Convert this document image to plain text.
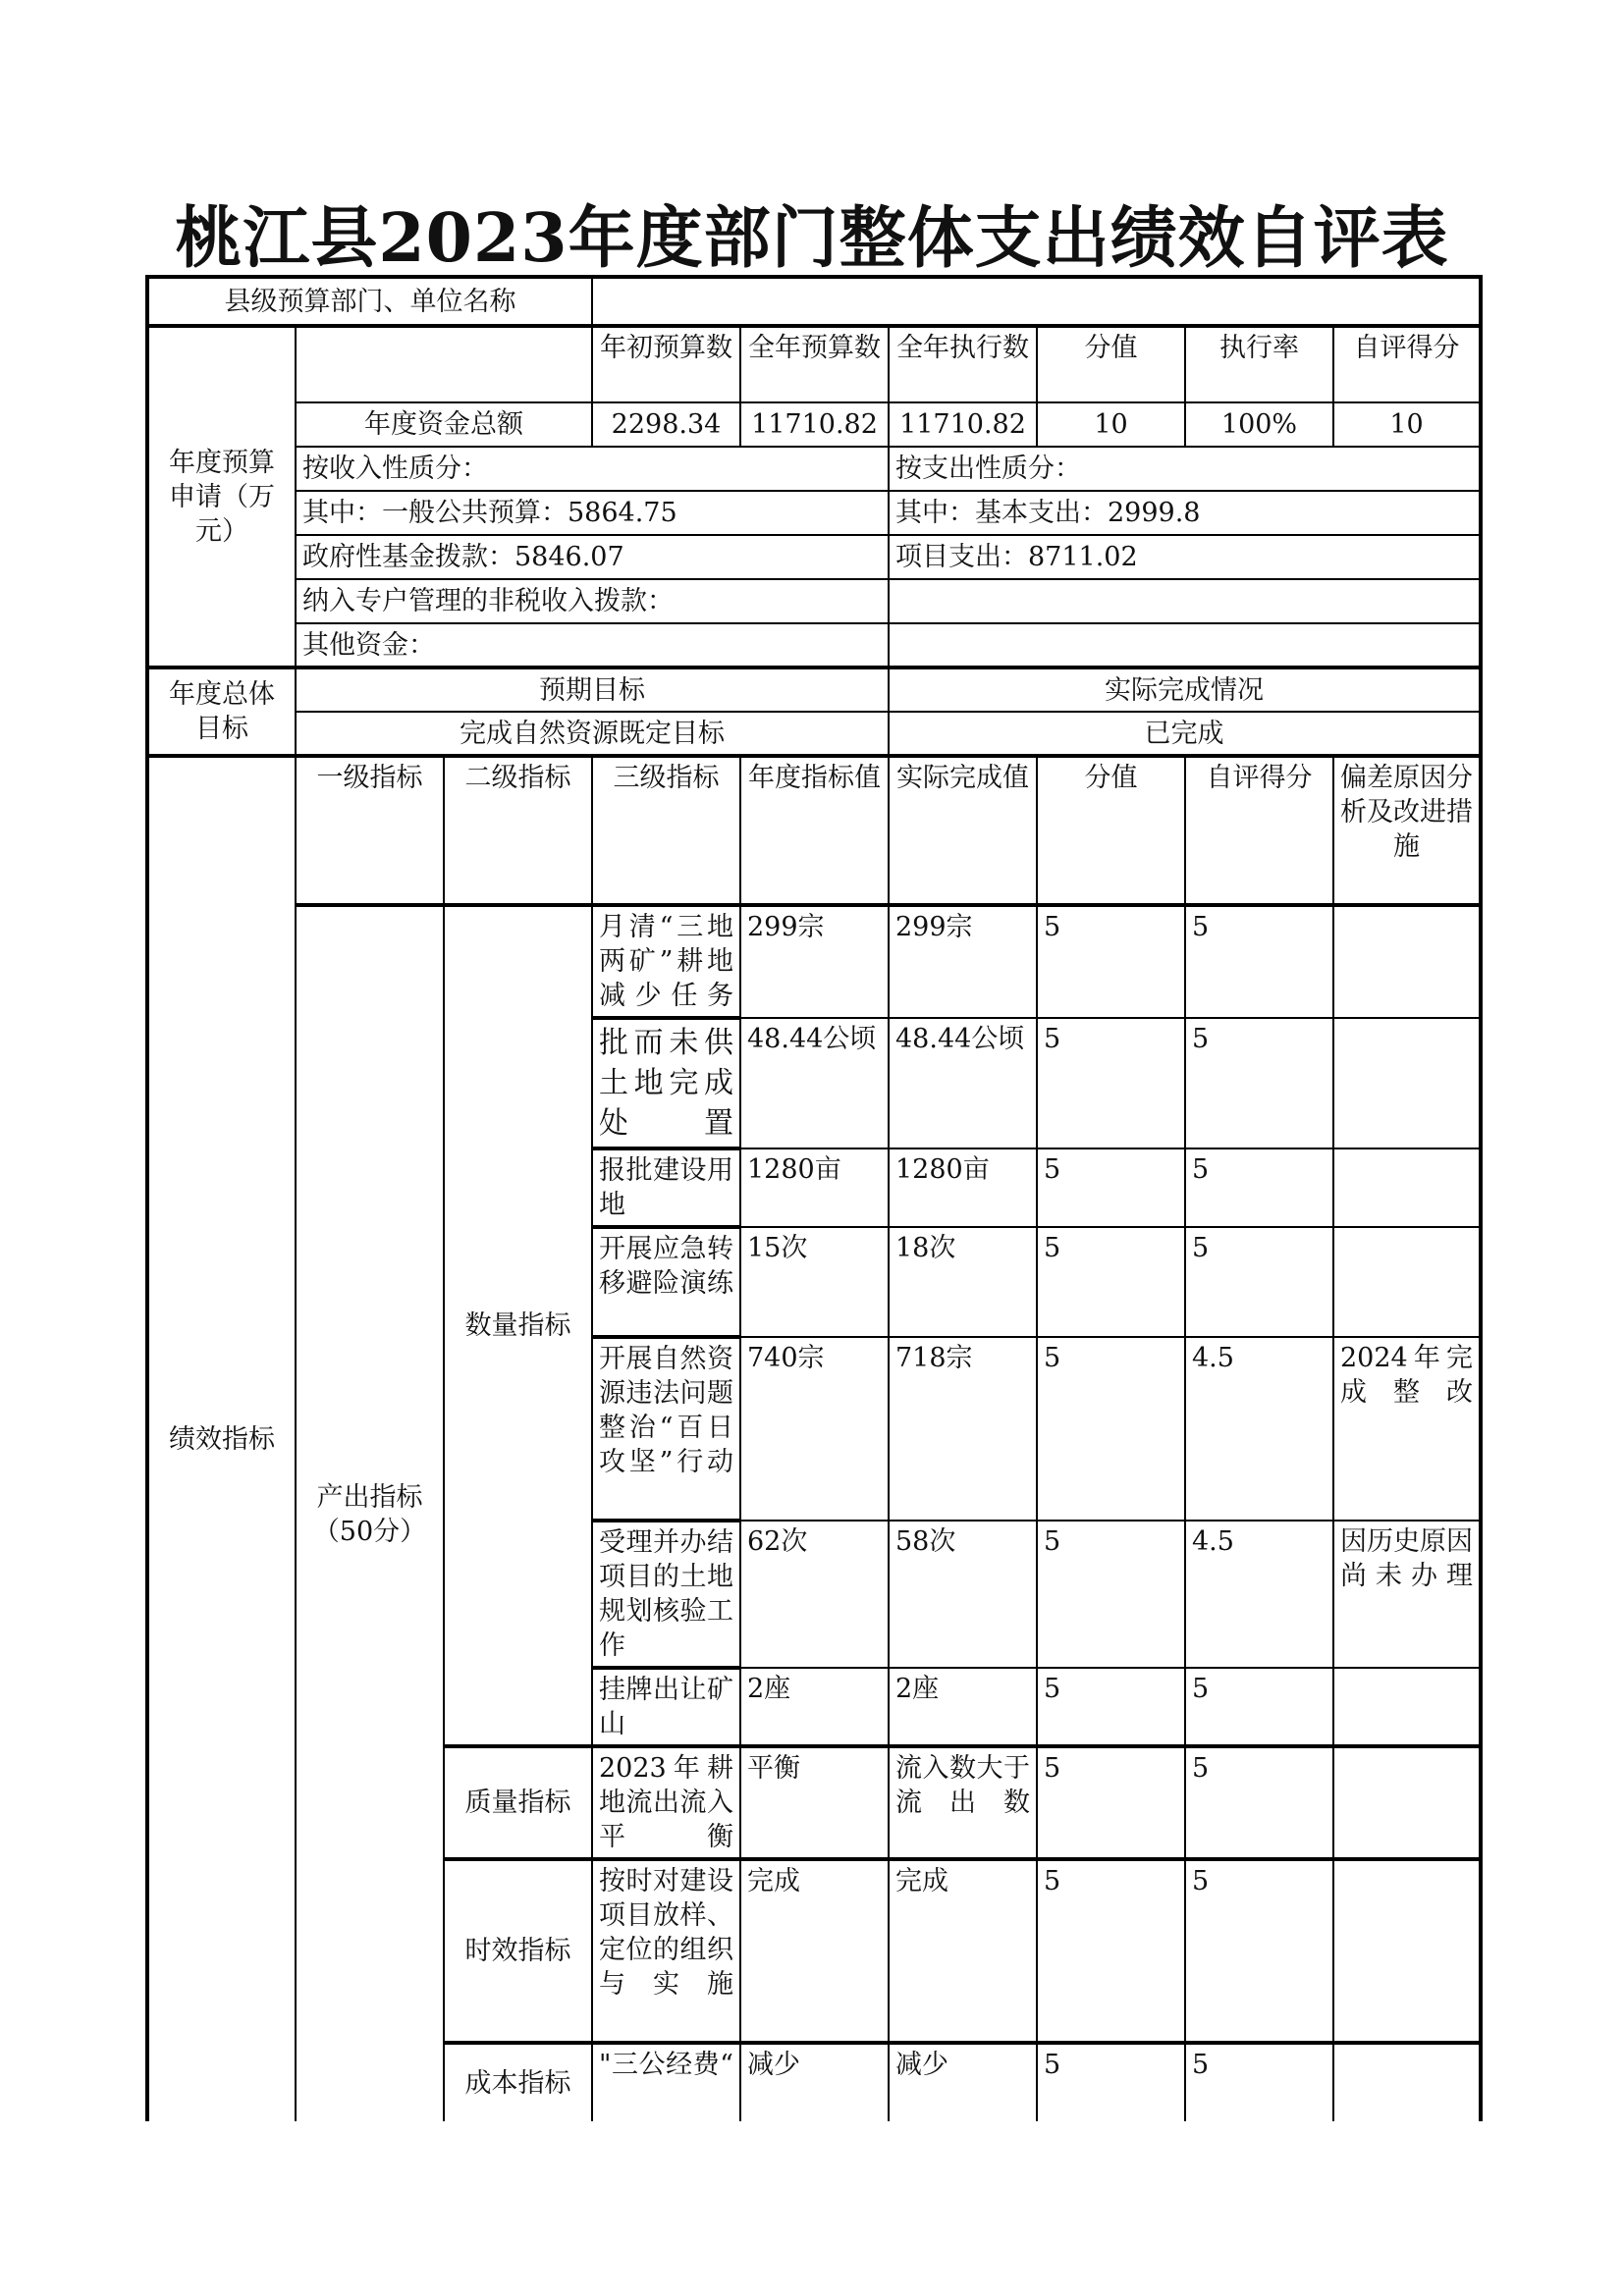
桃江县2023年度部门整体支出绩效自评表
县级预算部门、单位名称								
年度预算申请（万元）			年初预算数	全年预算数	全年执行数	分值	执行率	自评得分
	年度资金总额		2298.34	11710.82	11710.82	10	100%	10
	按收入性质分：				按支出性质分：			
	其中：一般公共预算：5864.75				其中：基本支出：2999.8			
	政府性基金拨款：5846.07				项目支出：8711.02			
	纳入专户管理的非税收入拨款：							
	其他资金：							
年度总体目标	预期目标				实际完成情况			
	完成自然资源既定目标				已完成			
绩效指标	一级指标	二级指标	三级指标	年度指标值	实际完成值	分值	自评得分	偏差原因分析及改进措施
	产出指标（50分）	数量指标	月清“三地两矿”耕地减少任务	299宗	299宗	5	5	
			批而未供土地完成处置	48.44公顷	48.44公顷	5	5	
			报批建设用地	1280亩	1280亩	5	5	
			开展应急转移避险演练	15次	18次	5	5	
			开展自然资源违法问题整治“百日攻坚”行动	740宗	718宗	5	4.5	2024年完成整改
			受理并办结项目的土地规划核验工作	62次	58次	5	4.5	因历史原因尚未办理
			挂牌出让矿山	2座	2座	5	5	
		质量指标	2023年耕地流出流入平衡	平衡	流入数大于流出数	5	5	
		时效指标	按时对建设项目放样、定位的组织与实施	完成	完成	5	5	
		成本指标	"三公经费“	减少	减少	5	5	
